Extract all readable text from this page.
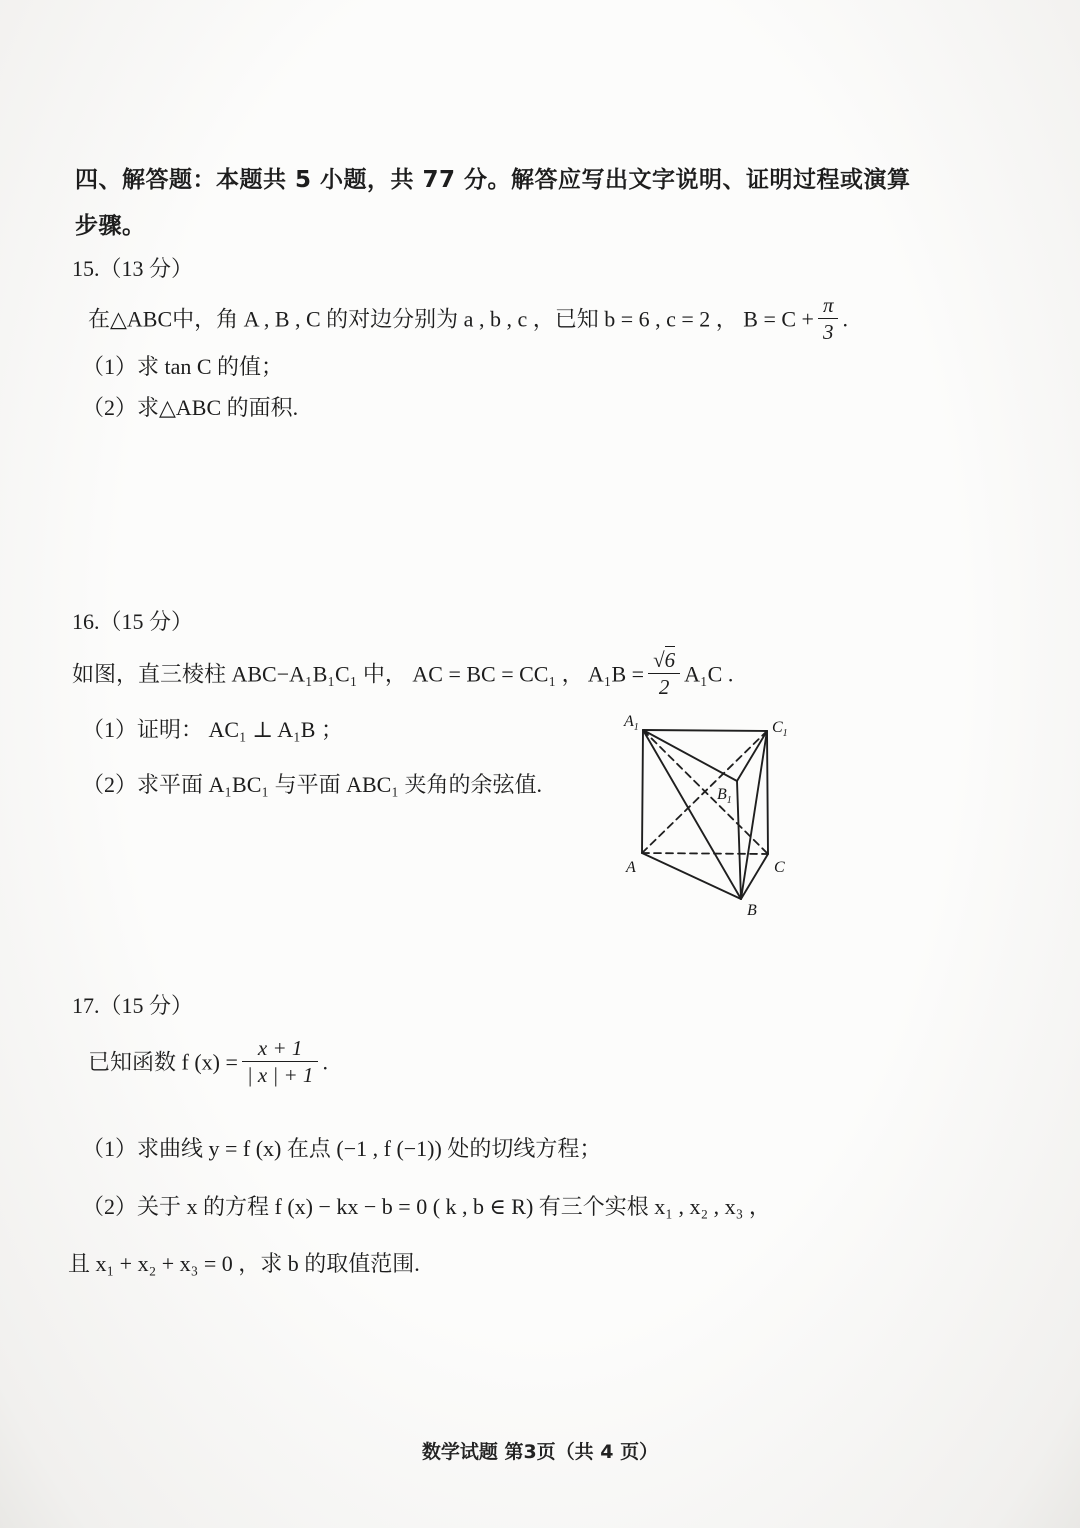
四、解答题：本题共 5 小题，共 77 分。解答应写出文字说明、证明过程或演算
步骤。
15.（13 分）
在△ABC中，角 A , B , C 的对边分别为 a , b , c ，已知 b = 6 , c = 2 ， $B = C + \frac{\pi}{3}$ .
（1）求 tan C 的值；
（2）求△ABC 的面积.
16.（15 分）
如图，直三棱柱 ABC−A₁B₁C₁ 中， AC = BC = CC₁ ， $A_1B = \frac{√6}{2} A_1C$ .
（1）证明： AC₁ ⊥ A₁B ；
（2）求平面 A₁BC₁ 与平面 ABC₁ 夹角的余弦值.
$A_1$	$C_1$
$B_1$
A	C
B
17.（15 分）
已知函数 f $(x) = \frac{x + 1}{| x | + 1}$ .
（1）求曲线 y = f (x) 在点 (−1 , f (−1)) 处的切线方程；
（2）关于 x 的方程 f (x) − kx − b = 0 ( k , b ∈ R) 有三个实根 x₁ , x₂ , x₃ ，
且 x₁ + x₂ + x₃ = 0 ，求 b 的取值范围.
数学试题 第3页（共 4 页）
